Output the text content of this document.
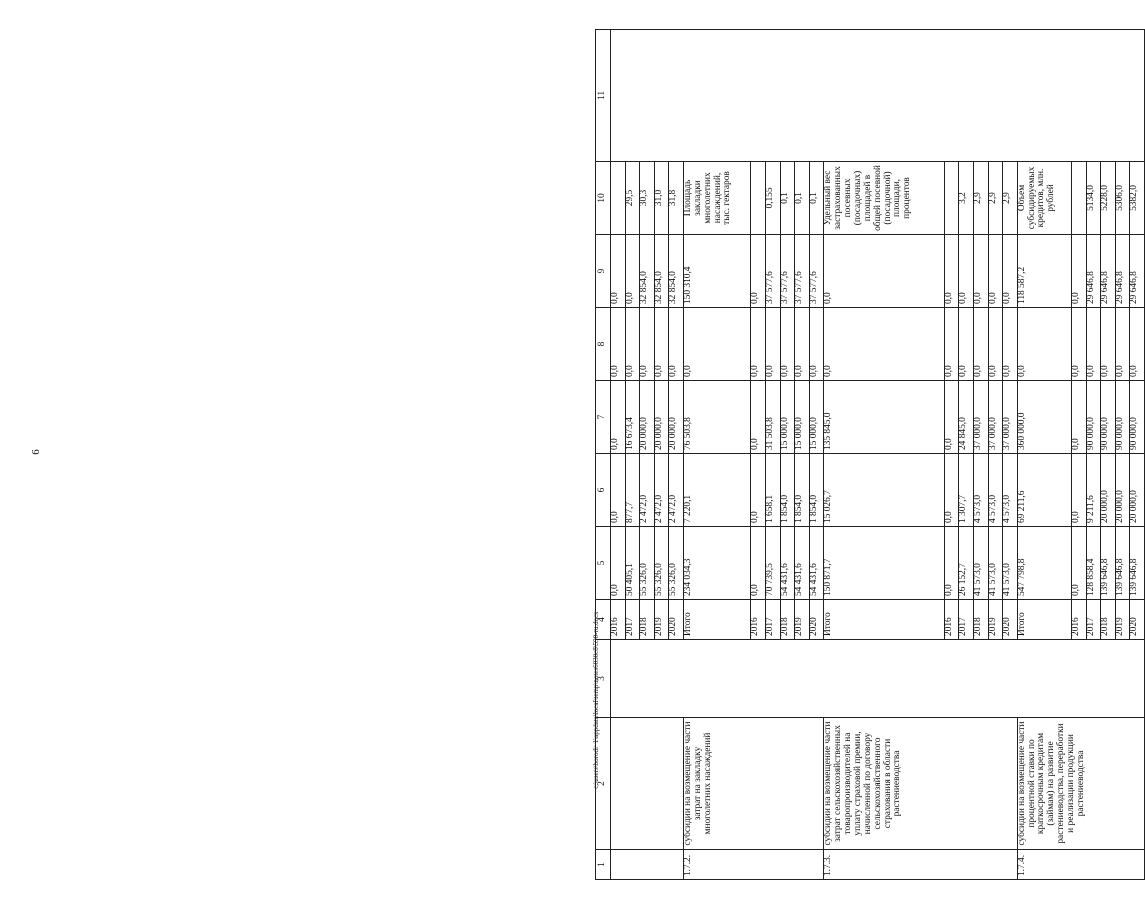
6
c:\users\borodi~1\appdata\local\temp\notes6030c8\590-ru.docx
1	2	3	4	5	6	7	8	9	10	11
			2016	0,0	0,0	0,0	0,0	0,0		
			2017	50 405,1	877,7	16 673,4	0,0	0,0	29,5	
			2018	55 326,0	2 472,0	20 000,0	0,0	32 854,0	30,3	
			2019	55 326,0	2 472,0	20 000,0	0,0	32 854,0	31,0	
			2020	55 326,0	2 472,0	20 000,0	0,0	32 854,0	31,8	
1.7.2.	субсидии на возмещение части затрат на закладку многолетних насаждений		Итого	234 034,3	7 220,1	76 503,8	0,0	150 310,4	Площадь закладки многолетних насаждений, тыс. гектаров	
			2016	0,0	0,0	0,0	0,0	0,0		
			2017	70 739,5	1 658,1	31 503,8	0,0	37 577,6	0,155	
			2018	54 431,6	1 854,0	15 000,0	0,0	37 577,6	0,1	
			2019	54 431,6	1 854,0	15 000,0	0,0	37 577,6	0,1	
			2020	54 431,6	1 854,0	15 000,0	0,0	37 577,6	0,1	
1.7.3.	субсидии на возмещение части затрат сельскохозяйственных товаропроизводителей на уплату страховой премии, начисленной по договору сельскохозяйственного страхования в области растениеводства		Итого	150 871,7	15 026,7	135 845,0	0,0	0,0	Удельный вес застрахованных посевных (посадочных) площадей в общей посевной (посадочной) площади, процентов	
			2016	0,0	0,0	0,0	0,0	0,0		
			2017	26 152,7	1 307,7	24 845,0	0,0	0,0	3,2	
			2018	41 573,0	4 573,0	37 000,0	0,0	0,0	2,9	
			2019	41 573,0	4 573,0	37 000,0	0,0	0,0	2,9	
			2020	41 573,0	4 573,0	37 000,0	0,0	0,0	2,9	
1.7.4.	субсидии на возмещение части процентной ставки по краткосрочным кредитам (займам) на развитие растениеводства, переработки и реализации продукции растениеводства		Итого	547 798,8	69 211,6	360 000,0	0,0	118 587,2	Объем субсидируемых кредитов, млн. рублей	
			2016	0,0	0,0	0,0	0,0	0,0		
			2017	128 858,4	9 211,6	90 000,0	0,0	29 646,8	5134,0	
			2018	139 646,8	20 000,0	90 000,0	0,0	29 646,8	5228,0	
			2019	139 646,8	20 000,0	90 000,0	0,0	29 646,8	5306,0	
			2020	139 646,8	20 000,0	90 000,0	0,0	29 646,8	5382,0	
